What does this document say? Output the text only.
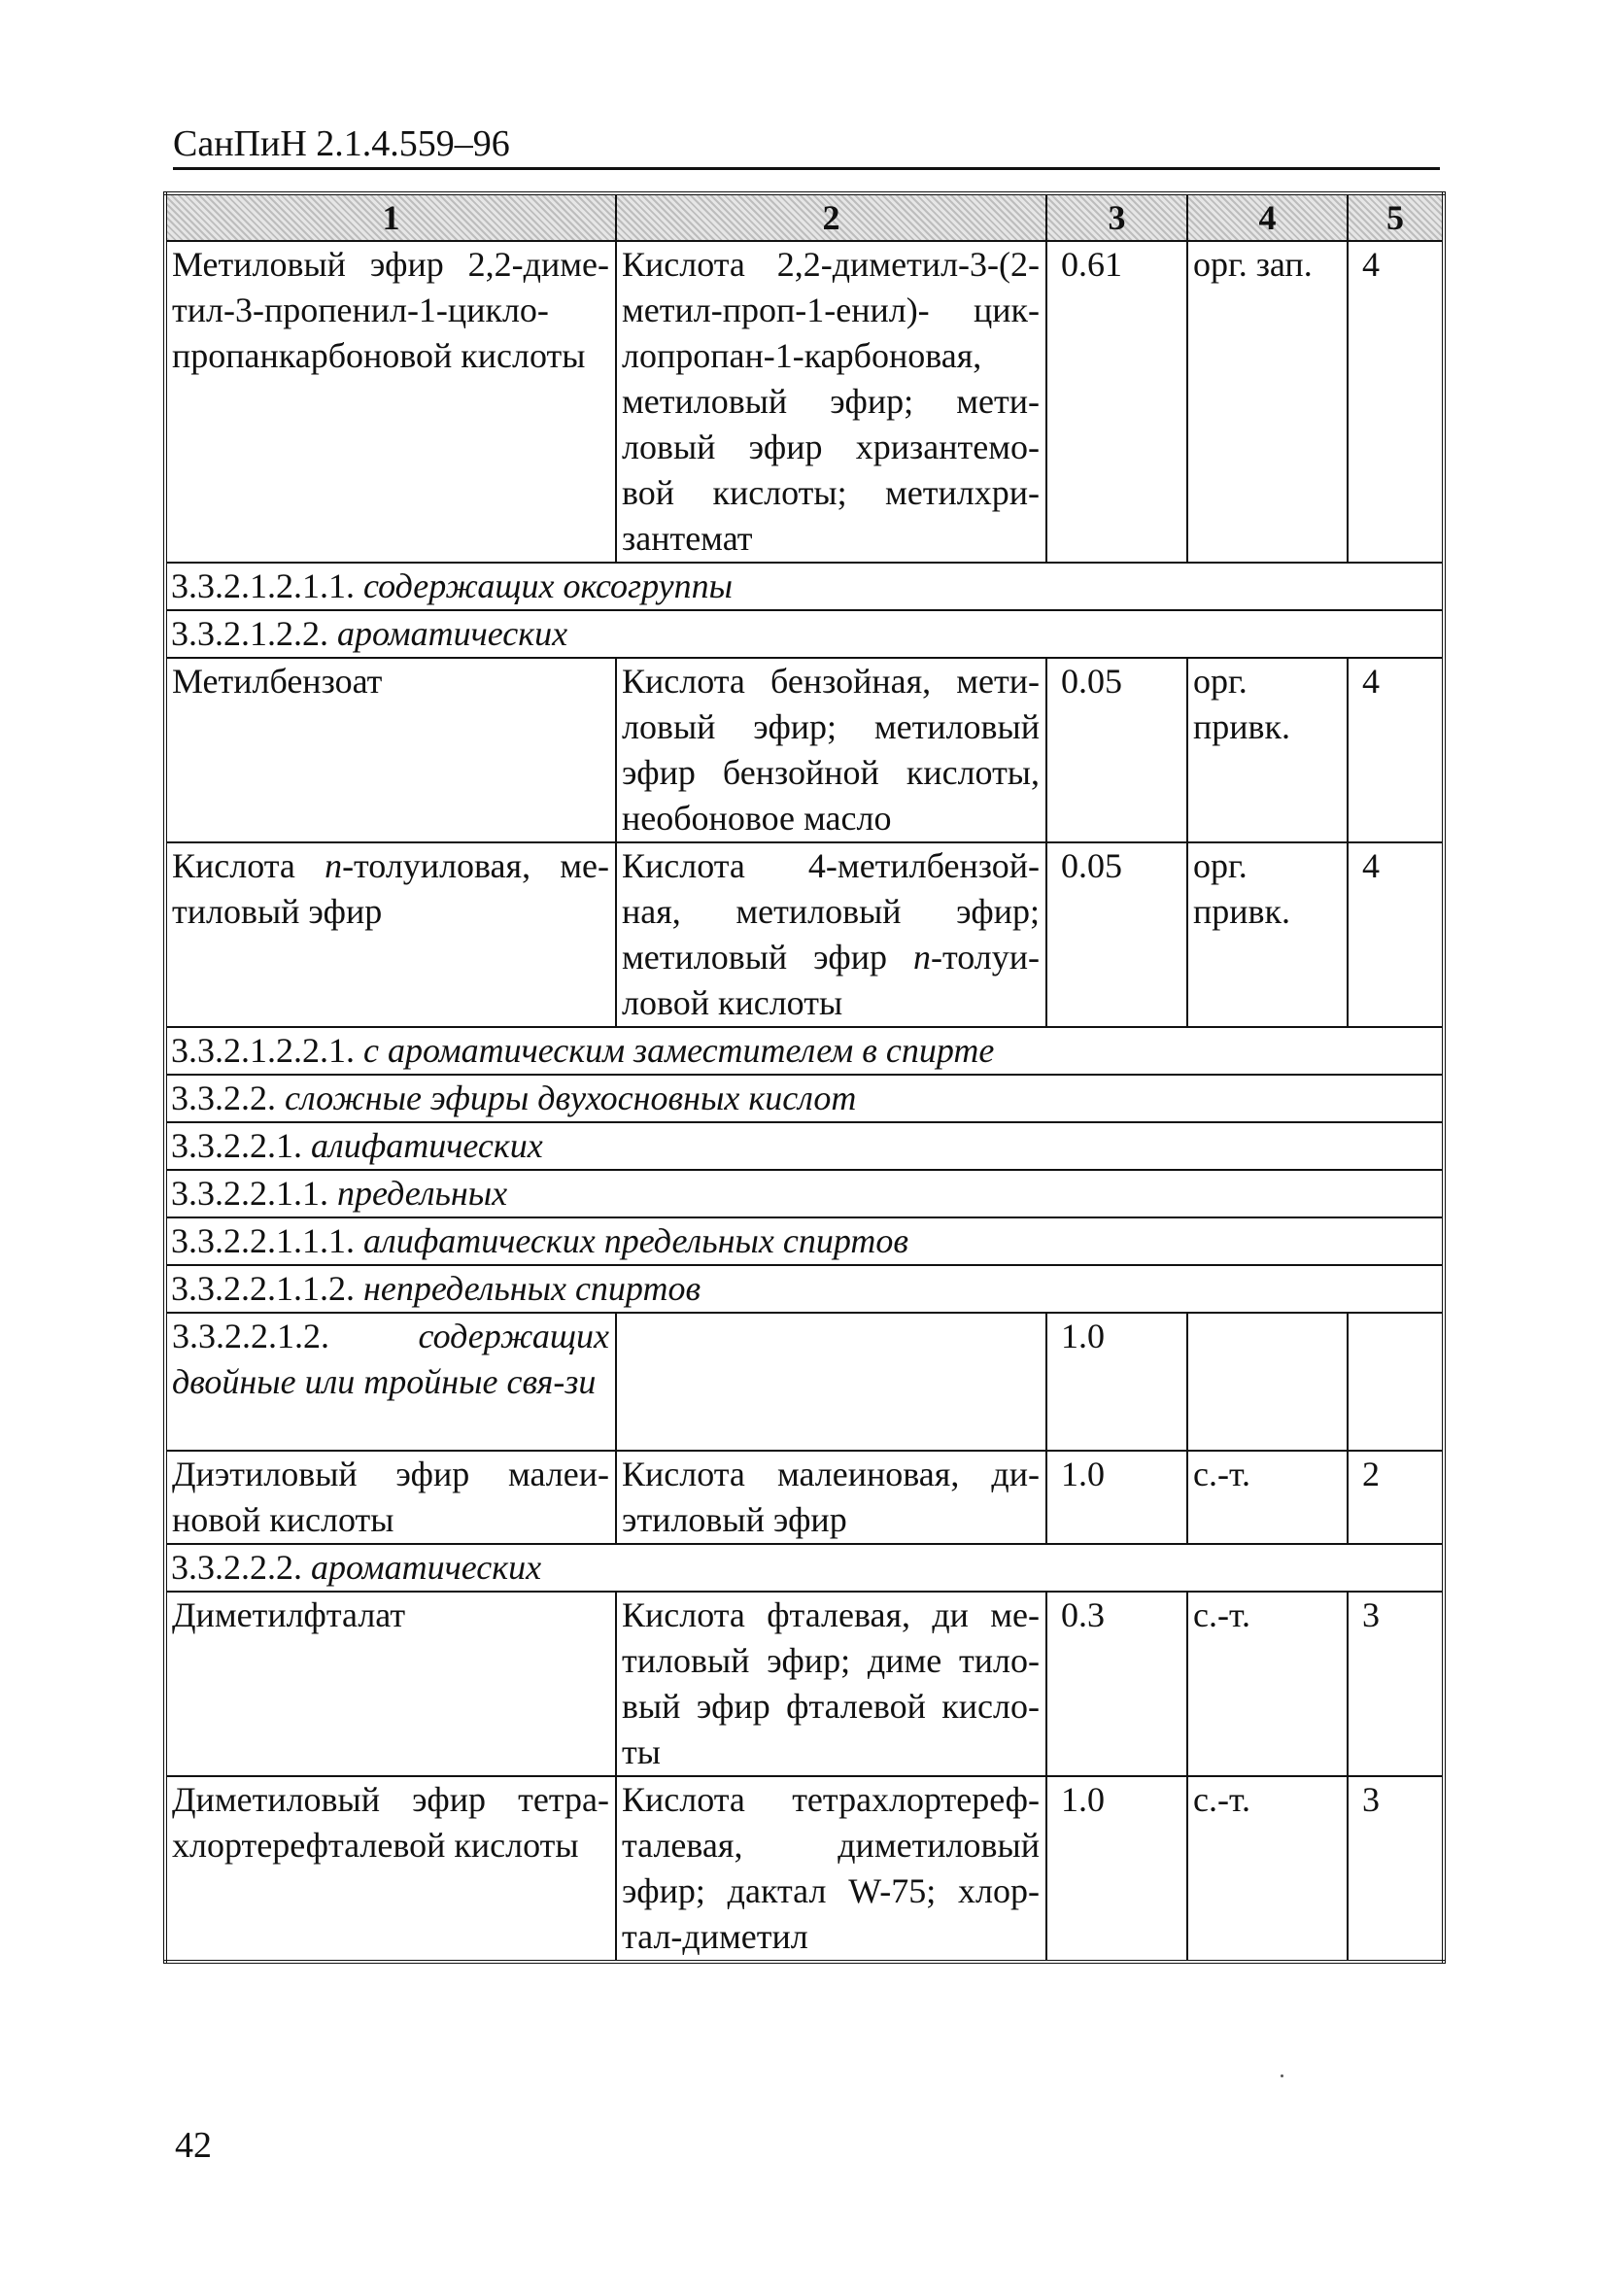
СанПиН 2.1.4.559–96
1	2	3	4	5
Метиловый эфир 2,2-диме-тил-3-пропенил-1-цикло-пропанкарбоновой кислоты	Кислота 2,2-диметил-3-(2-метил-проп-1-енил)- цик-лопропан-1-карбоновая, метиловый эфир; мети-ловый эфир хризантемо-вой кислоты; метилхри-зантемат	0.61	орг. зап.	4
3.3.2.1.2.1.1. содержащих оксогруппы				
3.3.2.1.2.2. ароматических				
Метилбензоат	Кислота бензойная, мети-ловый эфир; метиловый эфир бензойной кислоты, необоновое масло	0.05	орг. привк.	4
Кислота n-толуиловая, ме-тиловый эфир	Кислота 4-метилбензой-ная, метиловый эфир; метиловый эфир n-толуи-ловой кислоты	0.05	орг. привк.	4
3.3.2.1.2.2.1. с ароматическим заместителем в спирте				
3.3.2.2. сложные эфиры двухосновных кислот				
3.3.2.2.1. алифатических				
3.3.2.2.1.1. предельных				
3.3.2.2.1.1.1. алифатических предельных спиртов				
3.3.2.2.1.1.2. непредельных спиртов				
3.3.2.2.1.2. содержащих двойные или тройные свя-зи		1.0		
Диэтиловый эфир малеи-новой кислоты	Кислота малеиновая, ди-этиловый эфир	1.0	с.-т.	2
3.3.2.2.2. ароматических				
Диметилфталат	Кислота фталевая, ди ме-тиловый эфир; диме тило-вый эфир фталевой кисло-ты	0.3	с.-т.	3
Диметиловый эфир тетра-хлортерефталевой кислоты	Кислота тетрахлортереф-талевая, диметиловый эфир; дактал W-75; хлор-тал-диметил	1.0	с.-т.	3
42
